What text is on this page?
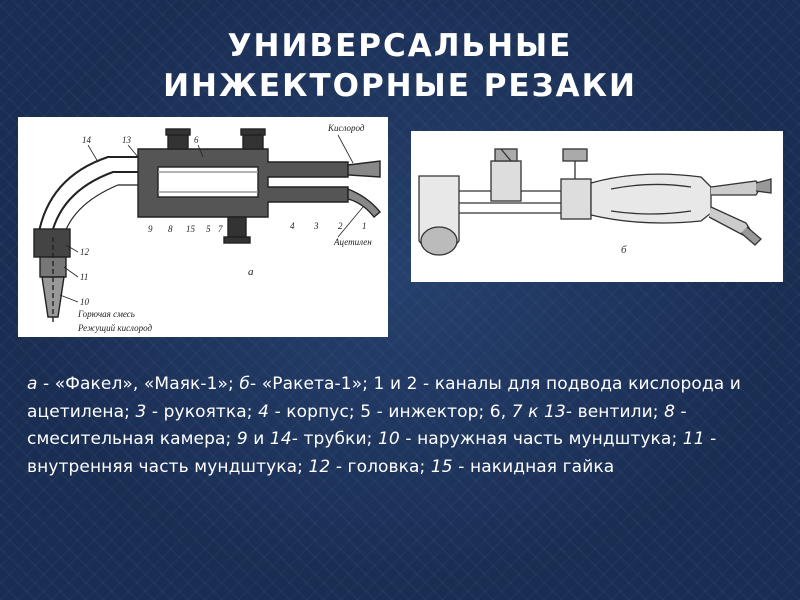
УНИВЕРСАЛЬНЫЕ
ИНЖЕКТОРНЫЕ РЕЗАКИ
14	13	6
12
11
10
9 8 15 5 7	4 3 2 1
Кислород
Ацетилен
Горючая смесь
Режущий кислород
а
б
а - «Факел», «Маяк-1»; б- «Ракета-1»; 1 и 2 - каналы для подвода кислорода и ацетилена; 3 - рукоятка; 4 - корпус; 5 - инжектор; 6, 7 к 13- вентили; 8 - смесительная камера; 9 и 14- трубки; 10 - наружная часть мундштука; 11 - внутренняя часть мундштука; 12 - головка; 15 - накидная гайка
